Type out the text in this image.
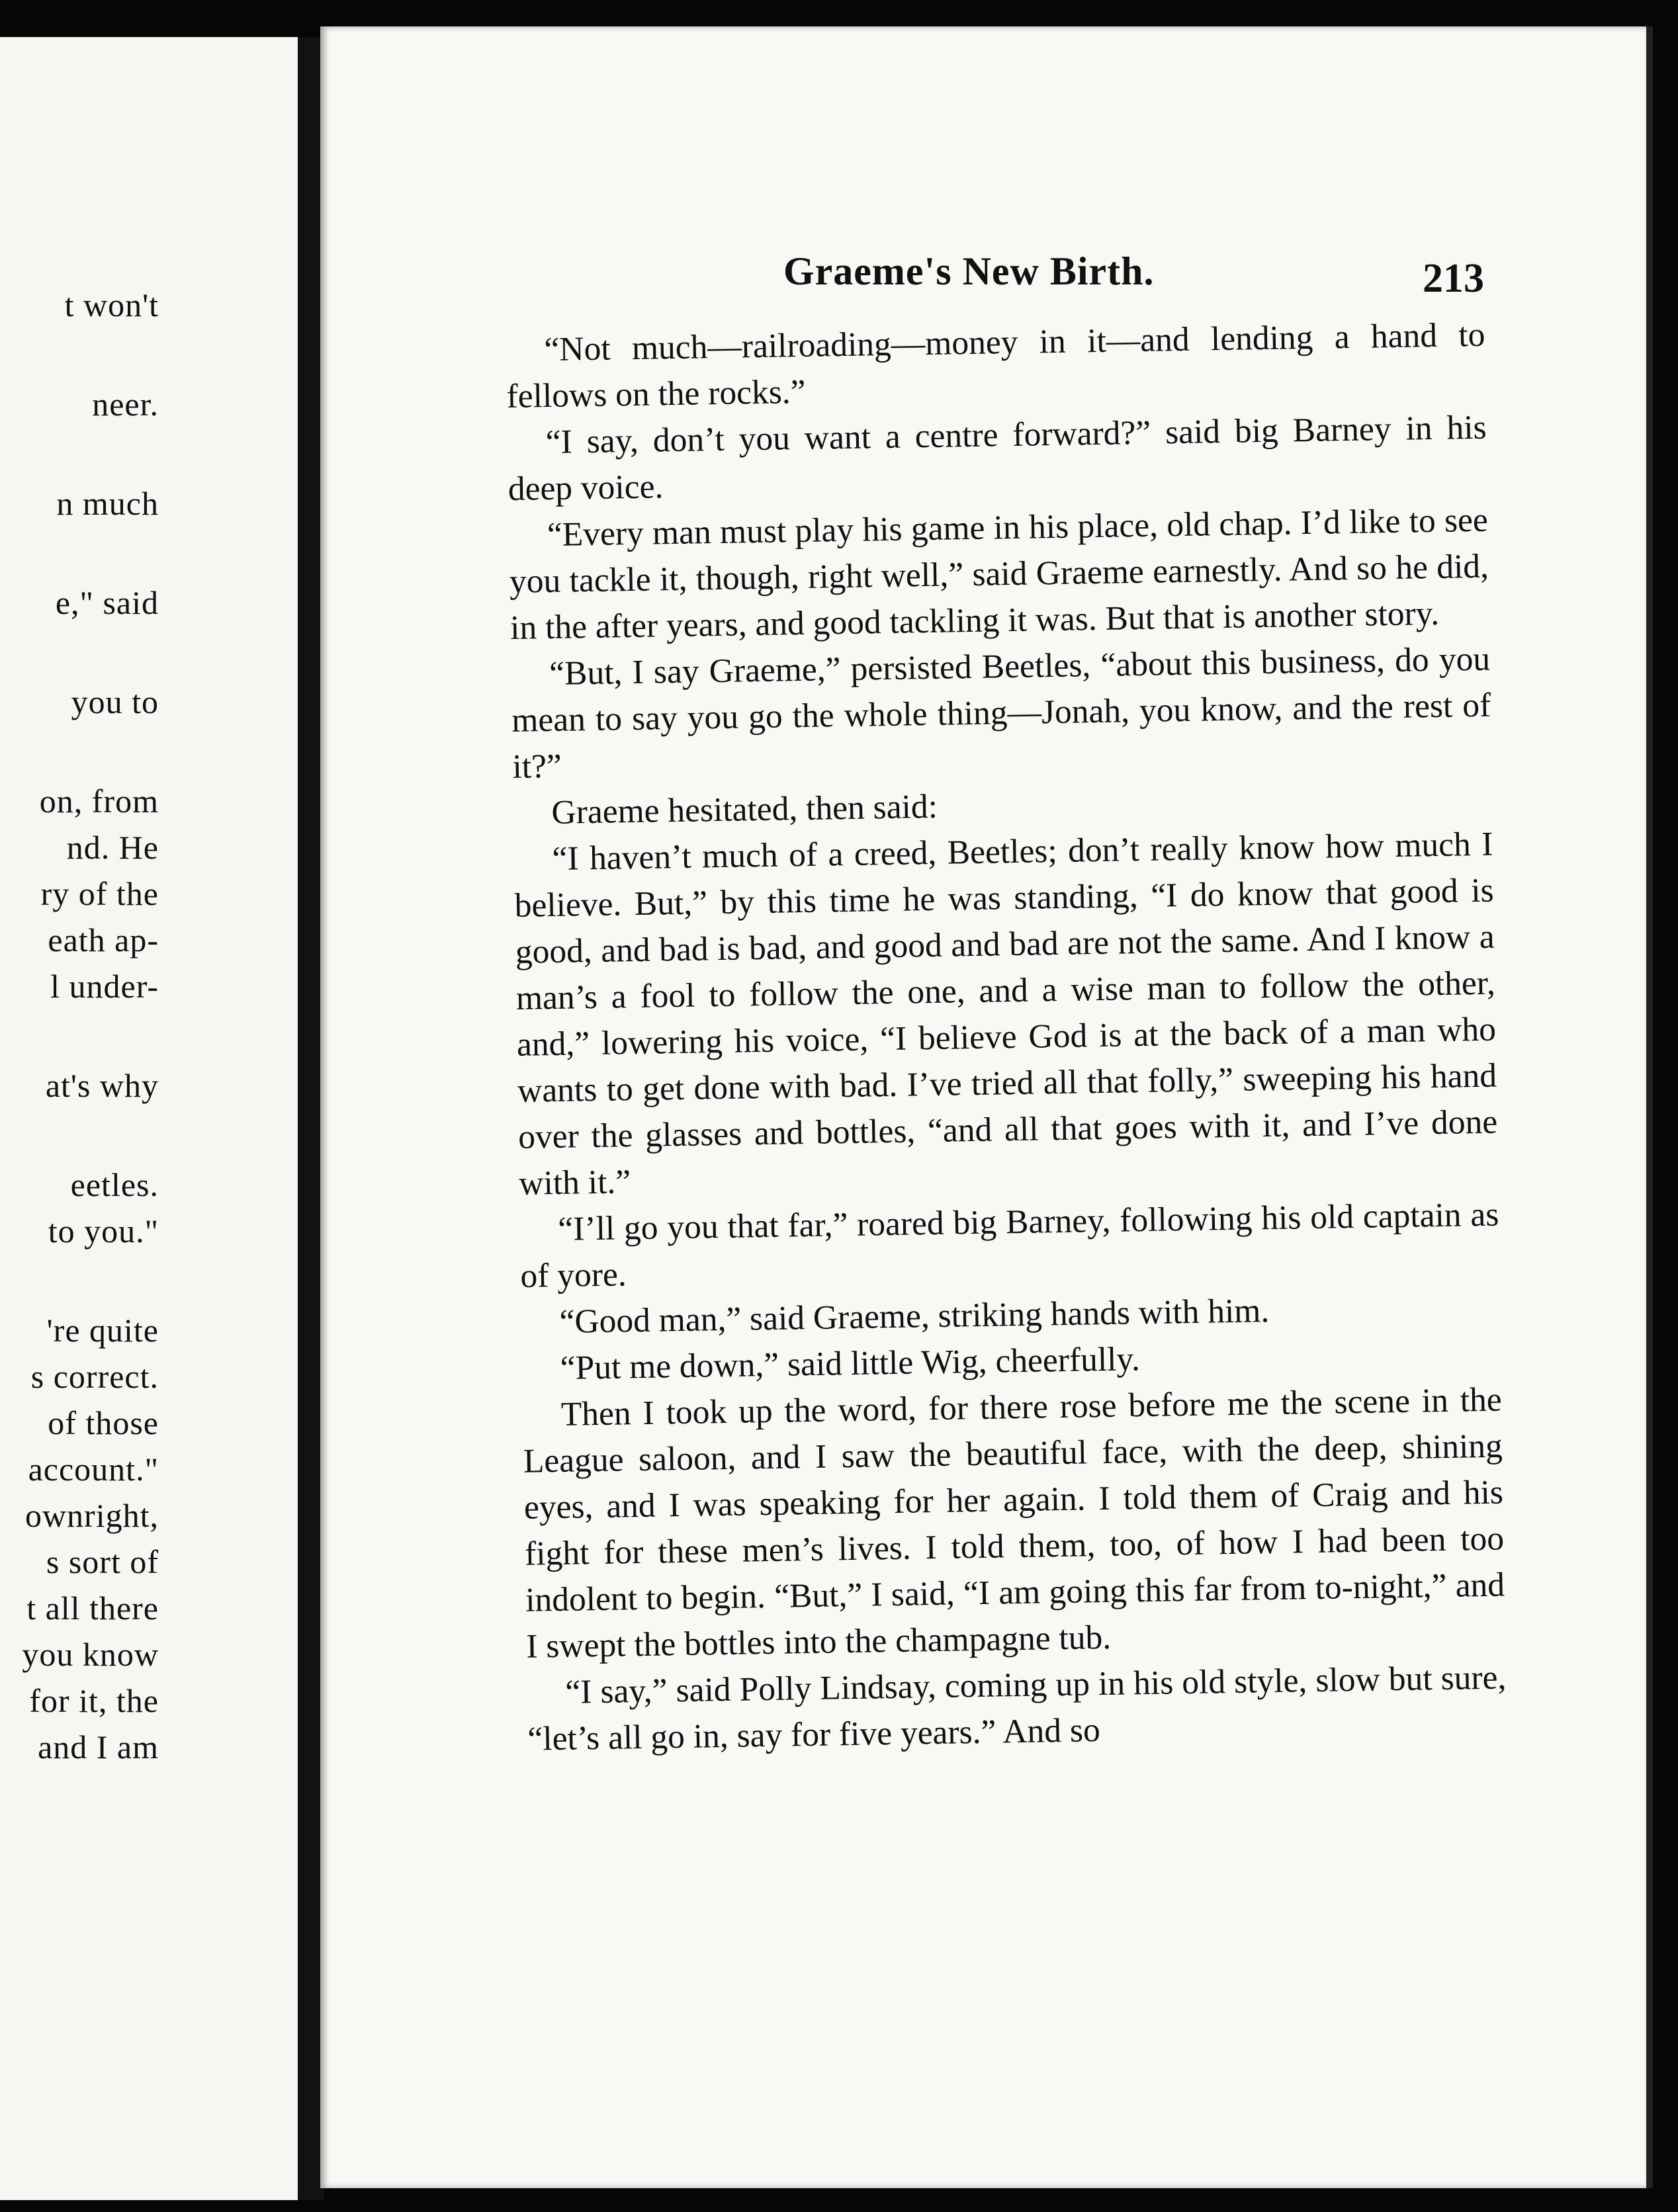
t won't
neer.
n much
e," said
you to
on, from
nd. He
ry of the
eath ap-
l under-
at's why
eetles.
to you."
're quite
s correct.
of those
account."
ownright,
s sort of
t all there
you know
for it, the
and I am
Graeme's New Birth.	213

“Not much—railroading—money in it—and lending a hand to fellows on the rocks.”

“I say, don’t you want a centre forward?” said big Barney in his deep voice.

“Every man must play his game in his place, old chap. I’d like to see you tackle it, though, right well,” said Graeme earnestly. And so he did, in the after years, and good tackling it was. But that is another story.

“But, I say Graeme,” persisted Beetles, “about this business, do you mean to say you go the whole thing—Jonah, you know, and the rest of it?”

Graeme hesitated, then said:

“I haven’t much of a creed, Beetles; don’t really know how much I believe. But,” by this time he was standing, “I do know that good is good, and bad is bad, and good and bad are not the same. And I know a man’s a fool to follow the one, and a wise man to follow the other, and,” lowering his voice, “I believe God is at the back of a man who wants to get done with bad. I’ve tried all that folly,” sweeping his hand over the glasses and bottles, “and all that goes with it, and I’ve done with it.”

“I’ll go you that far,” roared big Barney, following his old captain as of yore.

“Good man,” said Graeme, striking hands with him.

“Put me down,” said little Wig, cheerfully.

Then I took up the word, for there rose before me the scene in the League saloon, and I saw the beautiful face, with the deep, shining eyes, and I was speaking for her again. I told them of Craig and his fight for these men’s lives. I told them, too, of how I had been too indolent to begin. “But,” I said, “I am going this far from to-night,” and I swept the bottles into the champagne tub.

“I say,” said Polly Lindsay, coming up in his old style, slow but sure, “let’s all go in, say for five years.” And so
